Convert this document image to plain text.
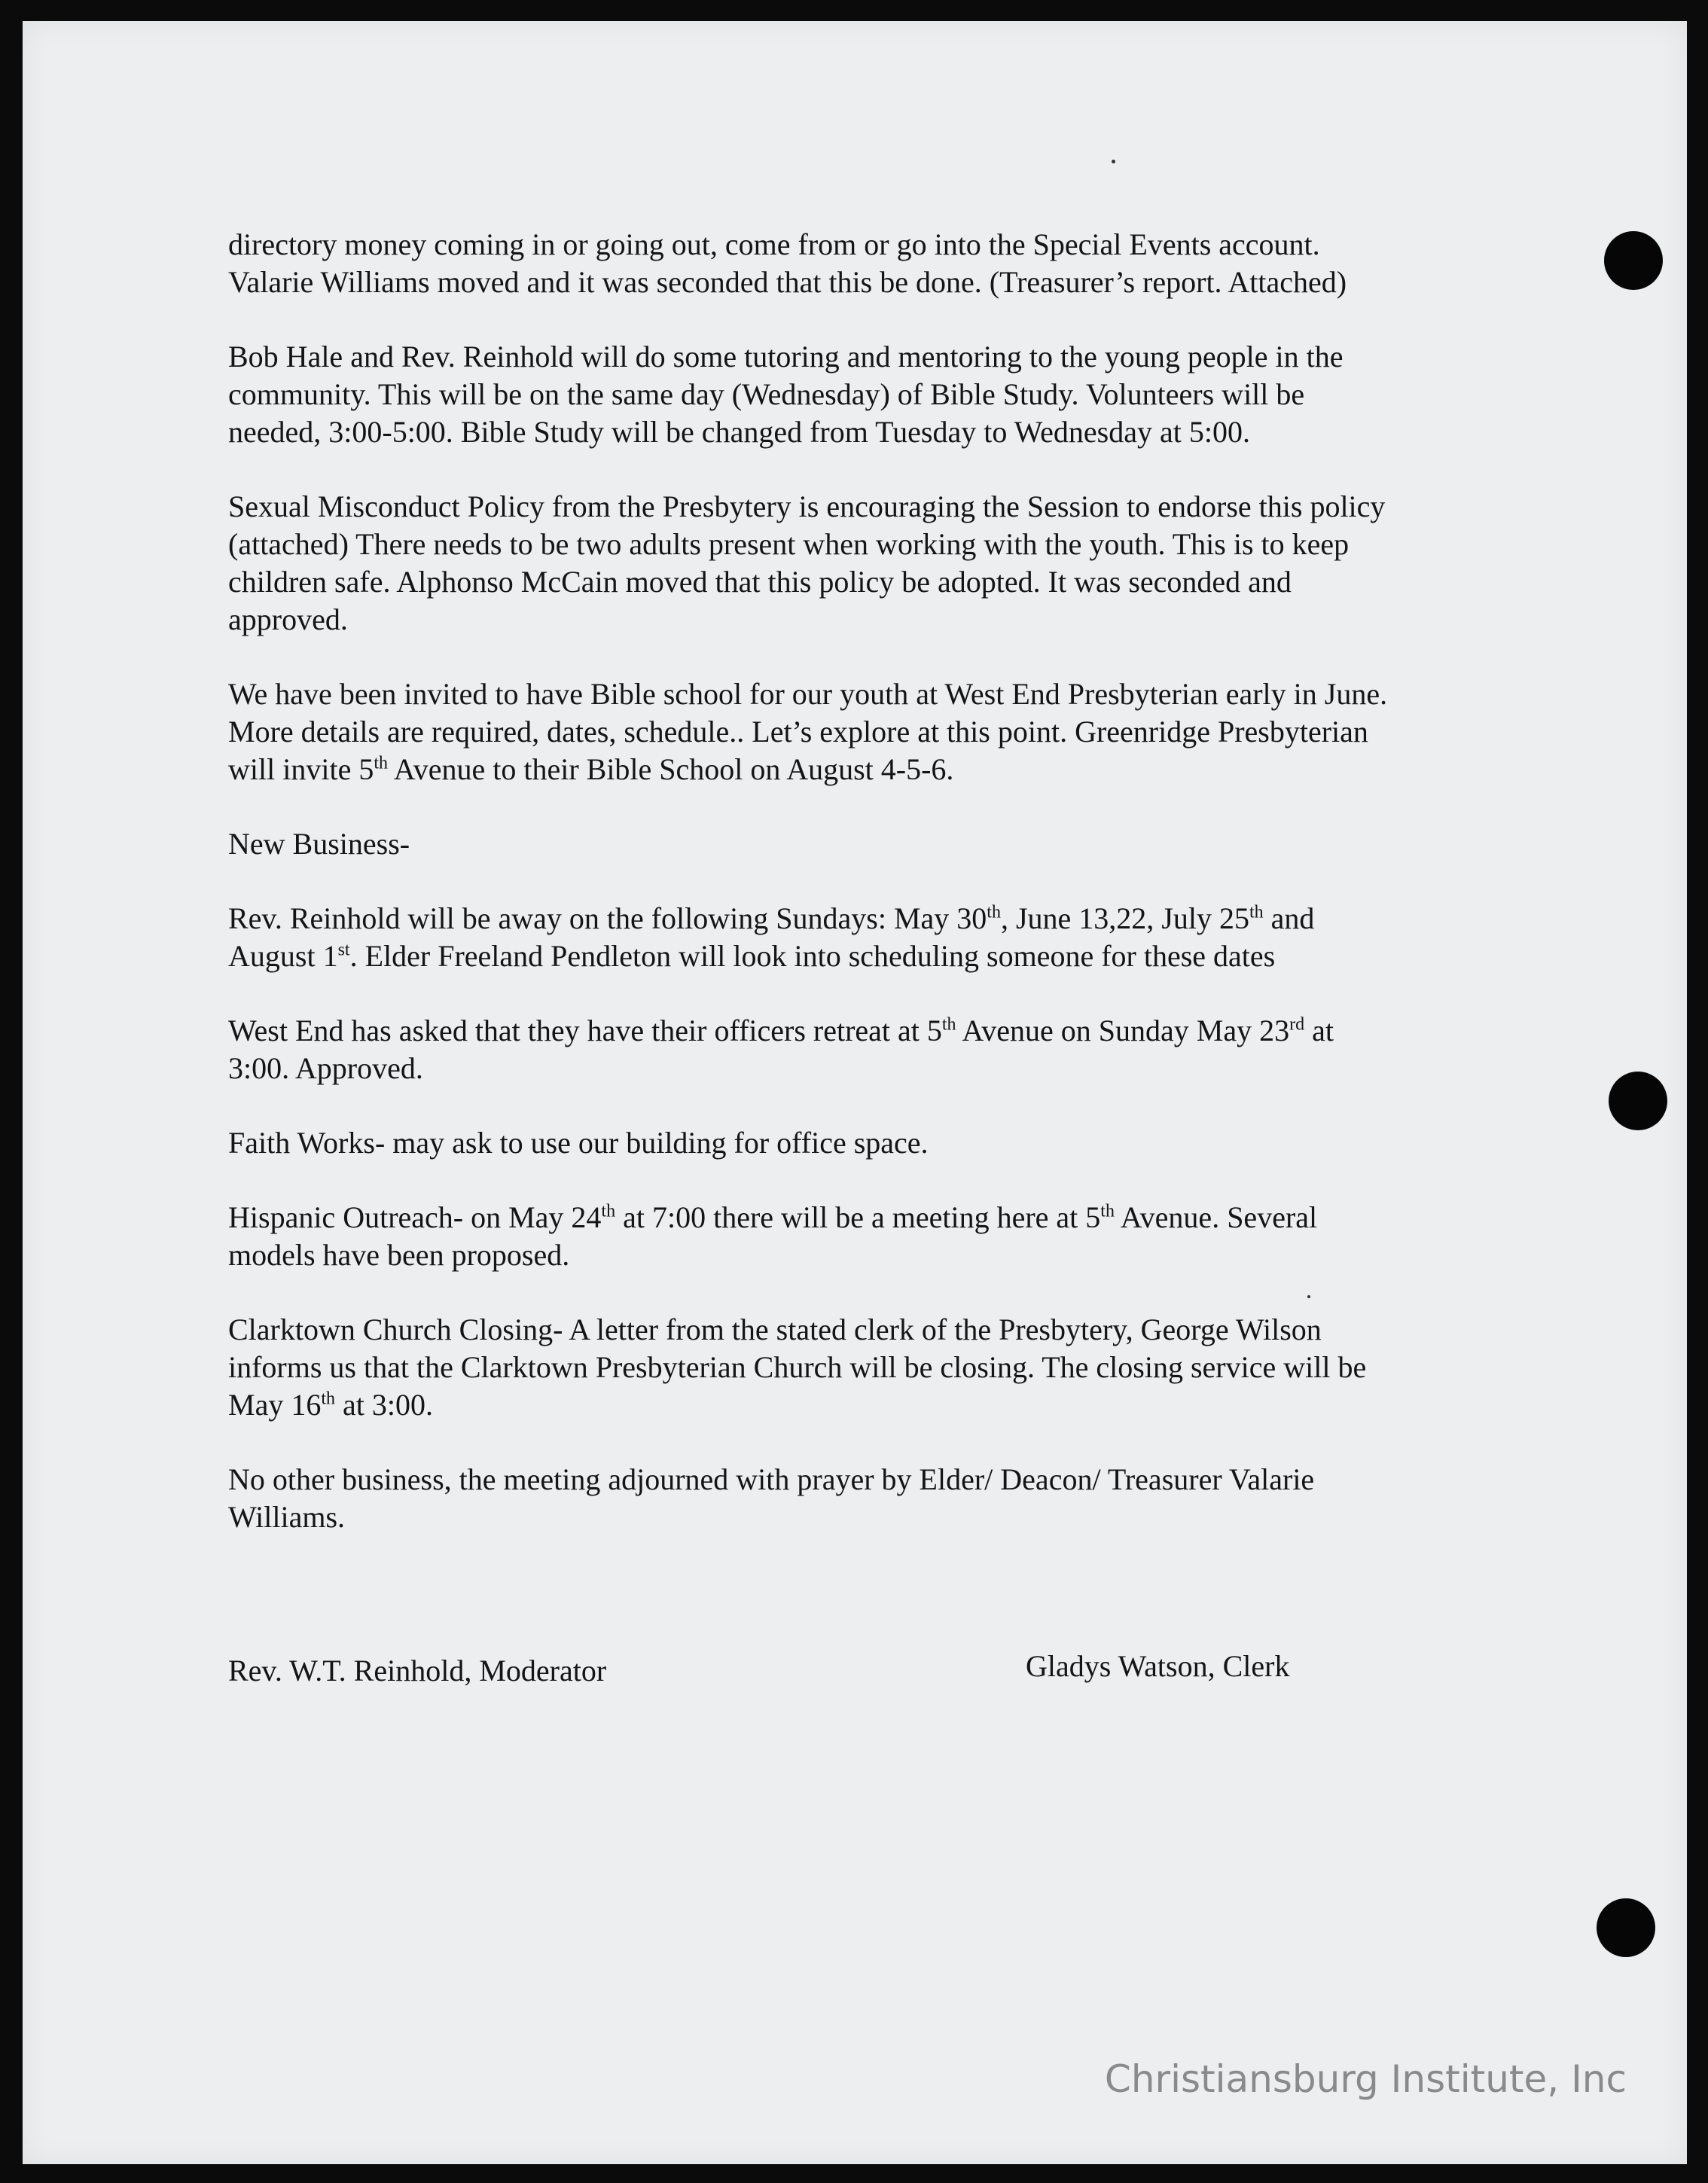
directory money coming in or going out, come from or go into the Special Events account.
Valarie Williams moved and it was seconded that this be done. (Treasurer’s report. Attached)

Bob Hale and Rev. Reinhold will do some tutoring and mentoring to the young people in the
community. This will be on the same day (Wednesday) of Bible Study. Volunteers will be
needed, 3:00-5:00. Bible Study will be changed from Tuesday to Wednesday at 5:00.

Sexual Misconduct Policy from the Presbytery is encouraging the Session to endorse this policy
(attached) There needs to be two adults present when working with the youth. This is to keep
children safe. Alphonso McCain moved that this policy be adopted. It was seconded and
approved.

We have been invited to have Bible school for our youth at West End Presbyterian early in June.
More details are required, dates, schedule.. Let’s explore at this point. Greenridge Presbyterian
will invite 5th Avenue to their Bible School on August 4-5-6.

New Business-

Rev. Reinhold will be away on the following Sundays: May 30th, June 13,22, July 25th and
August 1st. Elder Freeland Pendleton will look into scheduling someone for these dates

West End has asked that they have their officers retreat at 5th Avenue on Sunday May 23rd at
3:00. Approved.

Faith Works- may ask to use our building for office space.

Hispanic Outreach- on May 24th at 7:00 there will be a meeting here at 5th Avenue. Several
models have been proposed.

Clarktown Church Closing- A letter from the stated clerk of the Presbytery, George Wilson
informs us that the Clarktown Presbyterian Church will be closing. The closing service will be
May 16th at 3:00.

No other business, the meeting adjourned with prayer by Elder/ Deacon/ Treasurer Valarie
Williams.

Rev. W.T. Reinhold, Moderator	Gladys Watson, Clerk
Christiansburg Institute, Inc
